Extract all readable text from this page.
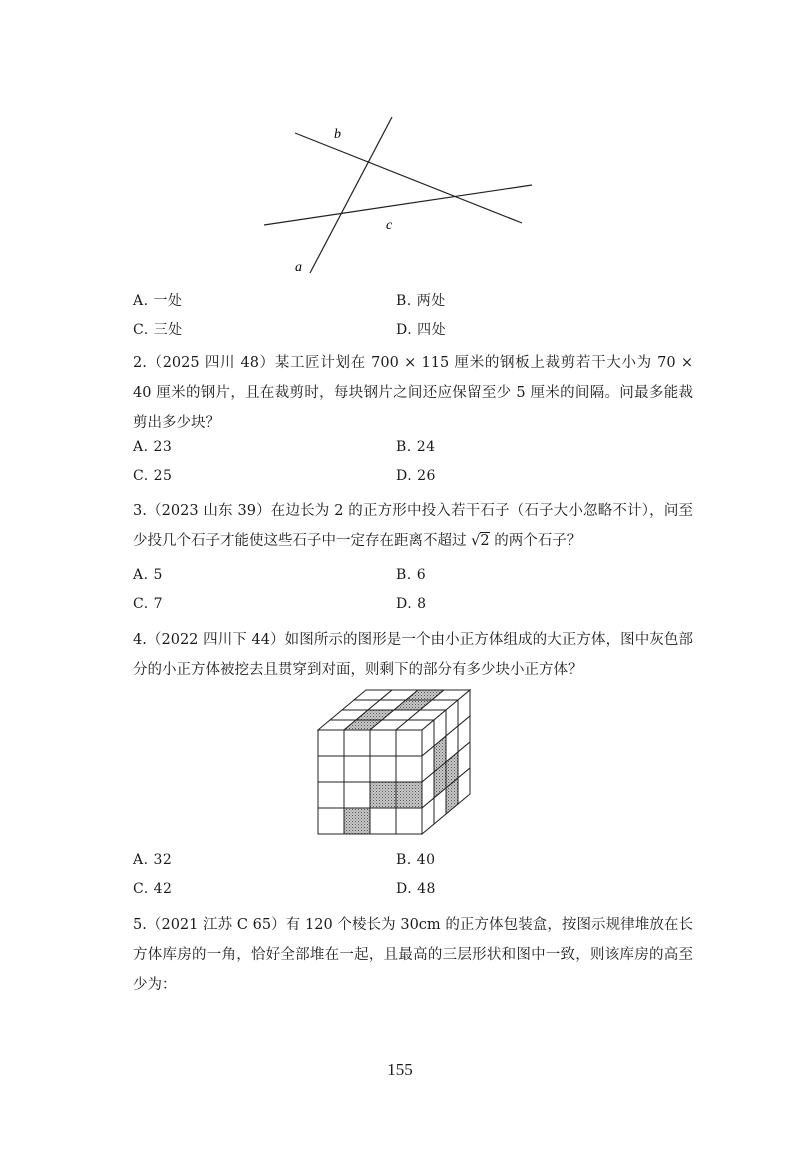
b
c
a
A. 一处	B. 两处
C. 三处	D. 四处

2.（2025 四川 48）某工匠计划在 700 × 115 厘米的钢板上裁剪若干大小为 70 × 40 厘米的钢片，且在裁剪时，每块钢片之间还应保留至少 5 厘米的间隔。问最多能裁剪出多少块？

A. 23	B. 24
C. 25	D. 26

3.（2023 山东 39）在边长为 2 的正方形中投入若干石子（石子大小忽略不计），问至少投几个石子才能使这些石子中一定存在距离不超过 √2 的两个石子？

A. 5	B. 6
C. 7	D. 8

4.（2022 四川下 44）如图所示的图形是一个由小正方体组成的大正方体，图中灰色部分的小正方体被挖去且贯穿到对面，则剩下的部分有多少块小正方体？

A. 32	B. 40
C. 42	D. 48

5.（2021 江苏 C 65）有 120 个棱长为 30cm 的正方体包装盒，按图示规律堆放在长方体库房的一角，恰好全部堆在一起，且最高的三层形状和图中一致，则该库房的高至少为：

155
